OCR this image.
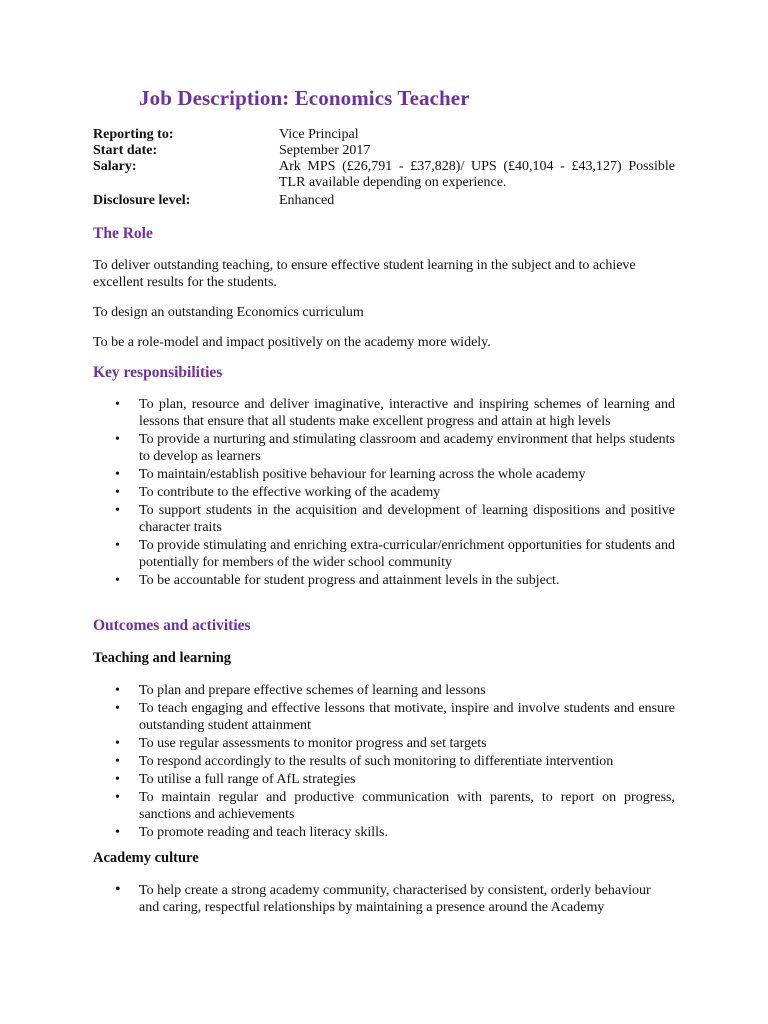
Job Description: Economics Teacher
Reporting to:	Vice Principal
Start date:	September 2017
Salary:	Ark MPS (£26,791 - £37,828)/ UPS (£40,104 - £43,127) Possible TLR available depending on experience.
Disclosure level:	Enhanced
The Role

To deliver outstanding teaching, to ensure effective student learning in the subject and to achieve excellent results for the students.

To design an outstanding Economics curriculum

To be a role-model and impact positively on the academy more widely.

Key responsibilities
• To plan, resource and deliver imaginative, interactive and inspiring schemes of learning and lessons that ensure that all students make excellent progress and attain at high levels
• To provide a nurturing and stimulating classroom and academy environment that helps students to develop as learners
• To maintain/establish positive behaviour for learning across the whole academy
• To contribute to the effective working of the academy
• To support students in the acquisition and development of learning dispositions and positive character traits
• To provide stimulating and enriching extra-curricular/enrichment opportunities for students and potentially for members of the wider school community
• To be accountable for student progress and attainment levels in the subject.
Outcomes and activities
Teaching and learning
• To plan and prepare effective schemes of learning and lessons
• To teach engaging and effective lessons that motivate, inspire and involve students and ensure outstanding student attainment
• To use regular assessments to monitor progress and set targets
• To respond accordingly to the results of such monitoring to differentiate intervention
• To utilise a full range of AfL strategies
• To maintain regular and productive communication with parents, to report on progress, sanctions and achievements
• To promote reading and teach literacy skills.
Academy culture
• To help create a strong academy community, characterised by consistent, orderly behaviour and caring, respectful relationships by maintaining a presence around the Academy
